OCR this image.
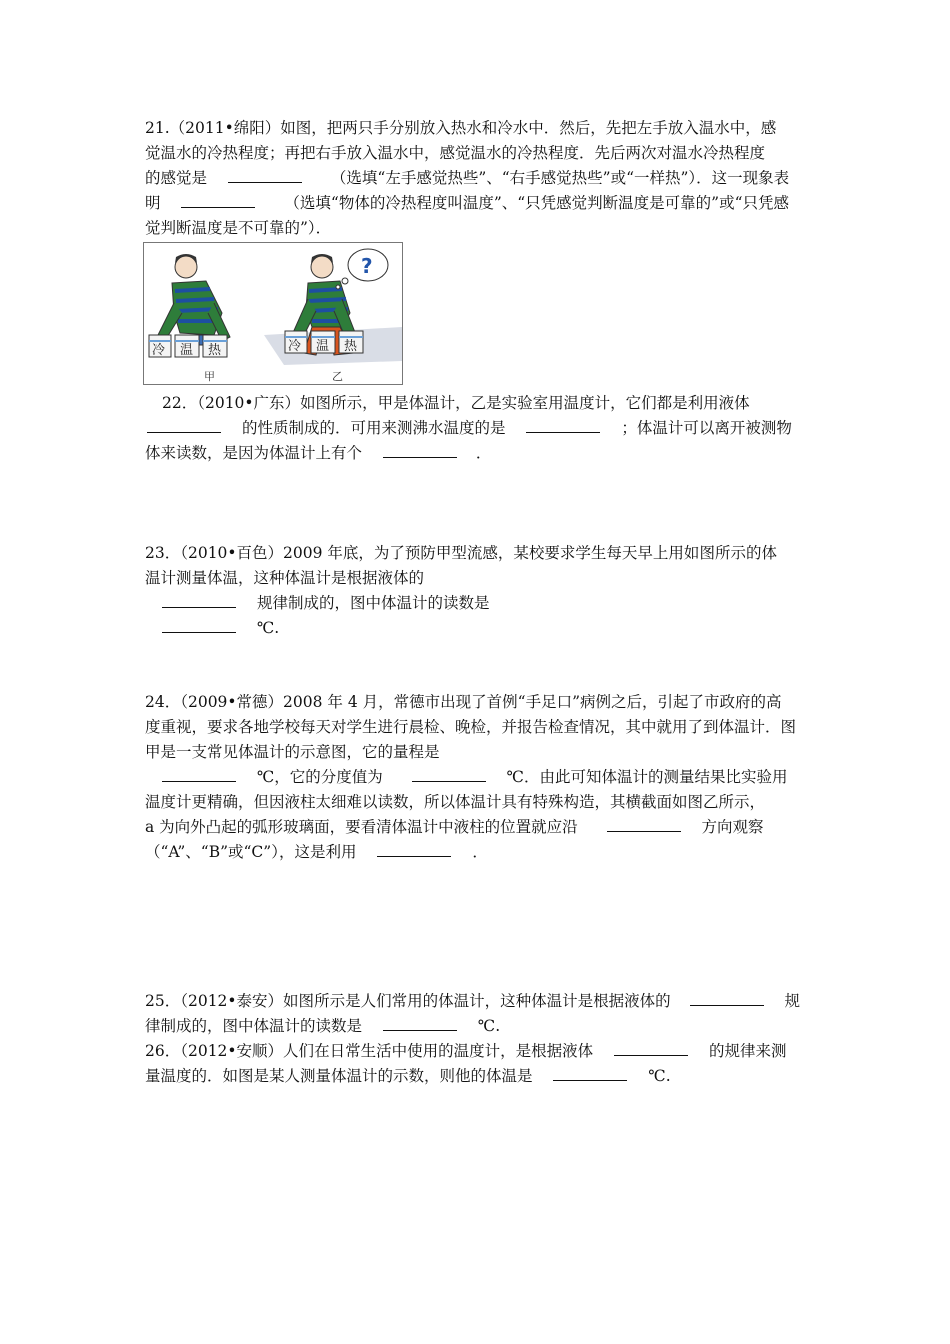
21.（2011•绵阳）如图，把两只手分别放入热水和冷水中．然后，先把左手放入温水中，感
觉温水的冷热程度；再把右手放入温水中，感觉温水的冷热程度．先后两次对温水冷热程度
的感觉是	（选填“左手感觉热些”、“右手感觉热些”或“一样热”）．这一现象表
明	（选填“物体的冷热程度叫温度”、“只凭感觉判断温度是可靠的”或“只凭感
觉判断温度是不可靠的”）．
冷 温 热
?
冷 温 热
甲	乙
22．（2010•广东）如图所示，甲是体温计，乙是实验室用温度计，它们都是利用液体
的性质制成的．可用来测沸水温度的是	；体温计可以离开被测物
体来读数，是因为体温计上有个	．
23．（2010•百色）2009 年底，为了预防甲型流感，某校要求学生每天早上用如图所示的体
温计测量体温，这种体温计是根据液体的
规律制成的，图中体温计的读数是
℃.
24．（2009•常德）2008 年 4 月，常德市出现了首例“手足口”病例之后，引起了市政府的高
度重视，要求各地学校每天对学生进行晨检、晚检，并报告检查情况，其中就用了到体温计．图
甲是一支常见体温计的示意图，它的量程是
℃，它的分度值为	℃．由此可知体温计的测量结果比实验用
温度计更精确，但因液柱太细难以读数，所以体温计具有特殊构造，其横截面如图乙所示，
a 为向外凸起的弧形玻璃面，要看清体温计中液柱的位置就应沿	方向观察
（“A”、“B”或“C”），这是利用	．
25．（2012•泰安）如图所示是人们常用的体温计，这种体温计是根据液体的	规
律制成的，图中体温计的读数是	℃.
26．（2012•安顺）人们在日常生活中使用的温度计，是根据液体	的规律来测
量温度的．如图是某人测量体温计的示数，则他的体温是	℃.
